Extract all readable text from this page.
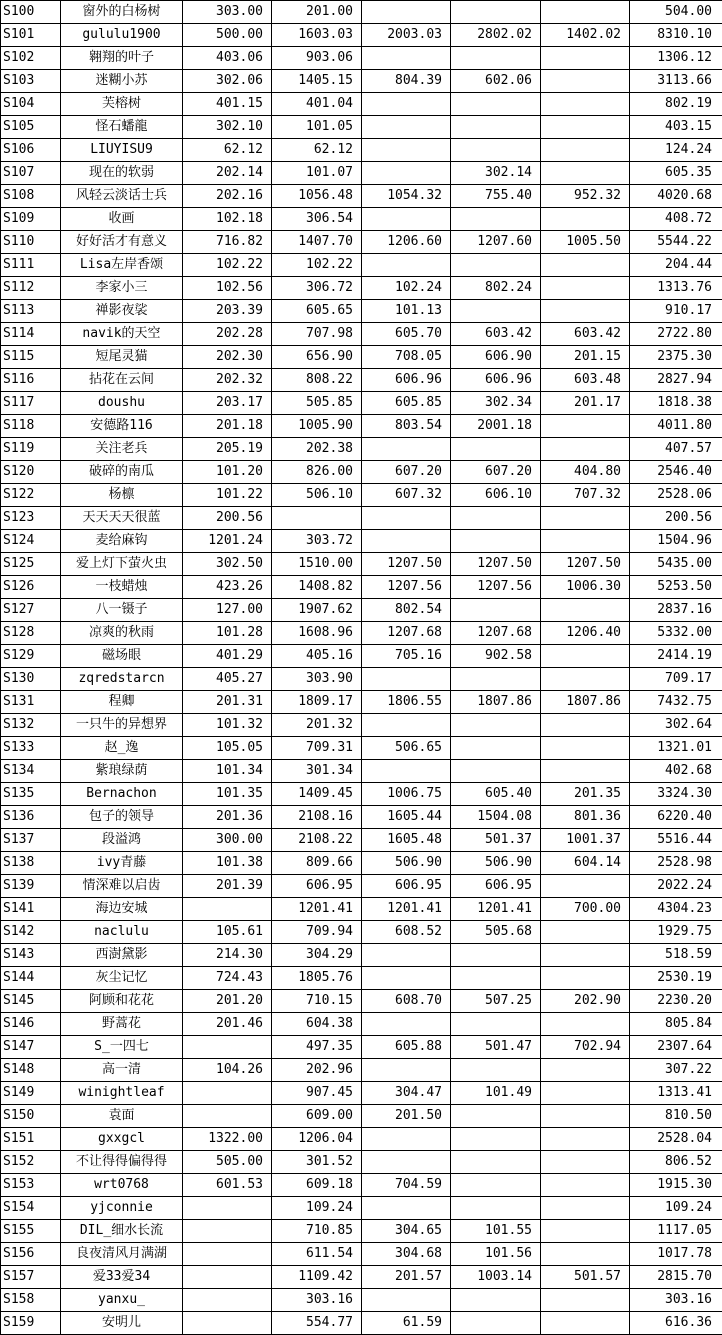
S100	窗外的白杨树	303.00	201.00				504.00
S101	gululu1900	500.00	1603.03	2003.03	2802.02	1402.02	8310.10
S102	翱翔的叶子	403.06	903.06				1306.12
S103	迷糊小苏	302.06	1405.15	804.39	602.06		3113.66
S104	芙榕树	401.15	401.04				802.19
S105	怪石蟠龍	302.10	101.05				403.15
S106	LIUYISU9	62.12	62.12				124.24
S107	现在的软弱	202.14	101.07		302.14		605.35
S108	风轻云淡话士兵	202.16	1056.48	1054.32	755.40	952.32	4020.68
S109	收画	102.18	306.54				408.72
S110	好好活才有意义	716.82	1407.70	1206.60	1207.60	1005.50	5544.22
S111	Lisa左岸香颂	102.22	102.22				204.44
S112	李家小三	102.56	306.72	102.24	802.24		1313.76
S113	禅影夜裟	203.39	605.65	101.13			910.17
S114	navik的天空	202.28	707.98	605.70	603.42	603.42	2722.80
S115	短尾灵猫	202.30	656.90	708.05	606.90	201.15	2375.30
S116	拈花在云间	202.32	808.22	606.96	606.96	603.48	2827.94
S117	doushu	203.17	505.85	605.85	302.34	201.17	1818.38
S118	安德路116	201.18	1005.90	803.54	2001.18		4011.80
S119	关注老兵	205.19	202.38				407.57
S120	破碎的南瓜	101.20	826.00	607.20	607.20	404.80	2546.40
S122	杨檩	101.22	506.10	607.32	606.10	707.32	2528.06
S123	天天天天很蓝	200.56					200.56
S124	麦给麻钩	1201.24	303.72				1504.96
S125	爱上灯下萤火虫	302.50	1510.00	1207.50	1207.50	1207.50	5435.00
S126	一枝蜡烛	423.26	1408.82	1207.56	1207.56	1006.30	5253.50
S127	八一镊子	127.00	1907.62	802.54			2837.16
S128	凉爽的秋雨	101.28	1608.96	1207.68	1207.68	1206.40	5332.00
S129	磁场眼	401.29	405.16	705.16	902.58		2414.19
S130	zqredstarcn	405.27	303.90				709.17
S131	程卿	201.31	1809.17	1806.55	1807.86	1807.86	7432.75
S132	一只牛的异想界	101.32	201.32				302.64
S133	赵_逸	105.05	709.31	506.65			1321.01
S134	紫琅绿荫	101.34	301.34				402.68
S135	Bernachon	101.35	1409.45	1006.75	605.40	201.35	3324.30
S136	包子的领导	201.36	2108.16	1605.44	1504.08	801.36	6220.40
S137	段溢鸿	300.00	2108.22	1605.48	501.37	1001.37	5516.44
S138	ivy青藤	101.38	809.66	506.90	506.90	604.14	2528.98
S139	情深难以启齿	201.39	606.95	606.95	606.95		2022.24
S141	海边安城		1201.41	1201.41	1201.41	700.00	4304.23
S142	naclulu	105.61	709.94	608.52	505.68		1929.75
S143	西澍黛影	214.30	304.29				518.59
S144	灰尘记忆	724.43	1805.76				2530.19
S145	阿顾和花花	201.20	710.15	608.70	507.25	202.90	2230.20
S146	野蒿花	201.46	604.38				805.84
S147	S_一四七		497.35	605.88	501.47	702.94	2307.64
S148	高一清	104.26	202.96				307.22
S149	winightleaf		907.45	304.47	101.49		1313.41
S150	袁面		609.00	201.50			810.50
S151	gxxgcl	1322.00	1206.04				2528.04
S152	不让得得偏得得	505.00	301.52				806.52
S153	wrt0768	601.53	609.18	704.59			1915.30
S154	yjconnie		109.24				109.24
S155	DIL_细水长流		710.85	304.65	101.55		1117.05
S156	良夜清风月满湖		611.54	304.68	101.56		1017.78
S157	爱33爱34		1109.42	201.57	1003.14	501.57	2815.70
S158	yanxu_		303.16				303.16
S159	安明儿		554.77	61.59			616.36
